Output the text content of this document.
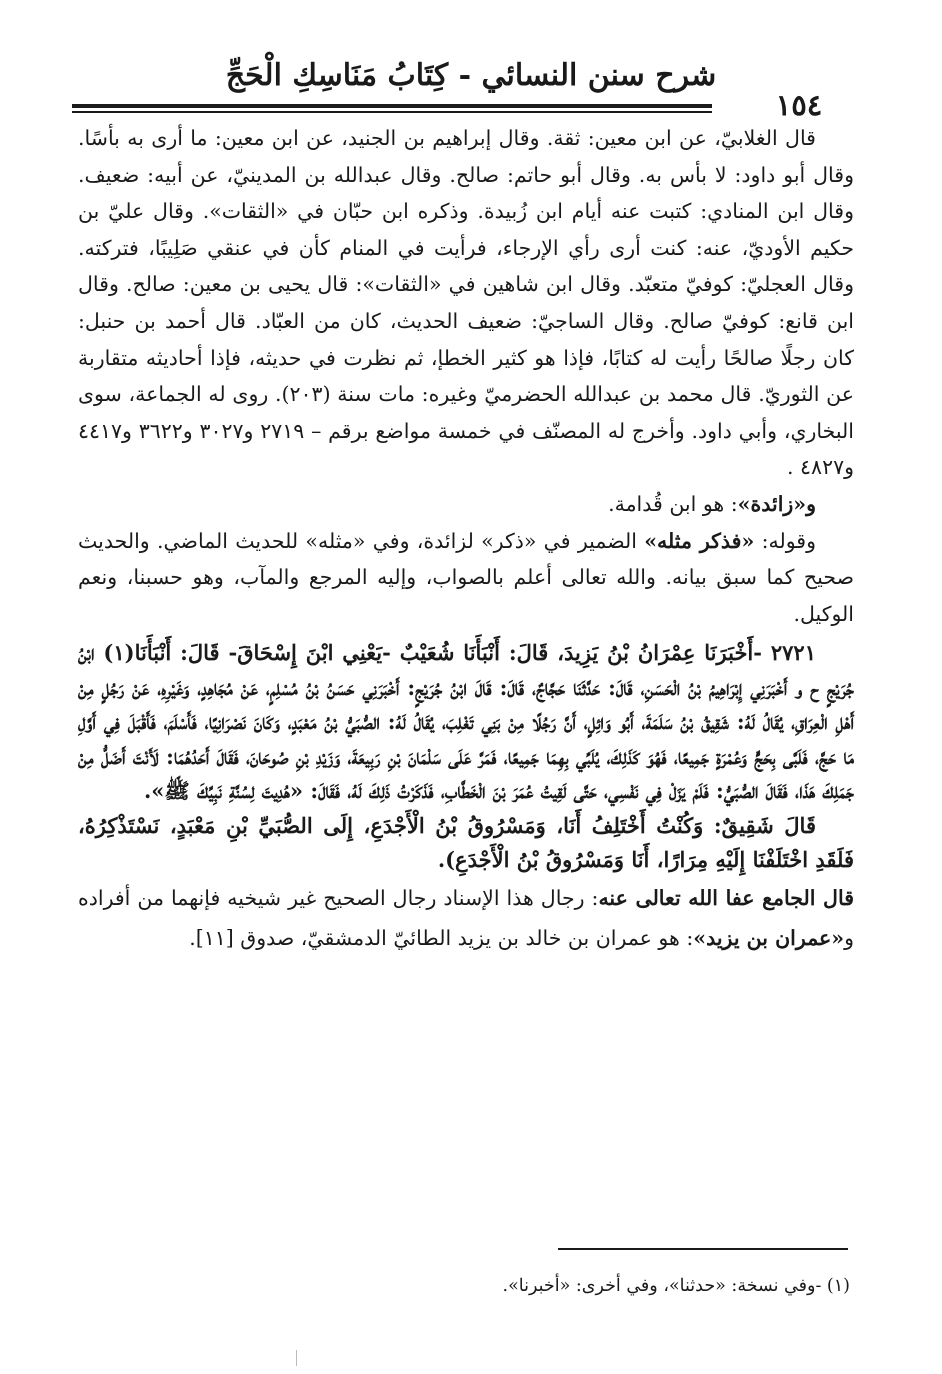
شرح سنن النسائي - كِتَابُ مَنَاسِكِ الْحَجِّ
١٥٤

قال الغلابيّ، عن ابن معين: ثقة. وقال إبراهيم بن الجنيد، عن ابن معين: ما أرى به بأسًا. وقال أبو داود: لا بأس به. وقال أبو حاتم: صالح. وقال عبدالله بن المدينيّ، عن أبيه: ضعيف. وقال ابن المنادي: كتبت عنه أيام ابن زُبيدة. وذكره ابن حبّان في «الثقات». وقال عليّ بن حكيم الأوديّ، عنه: كنت أرى رأي الإرجاء، فرأيت في المنام كأن في عنقي صَلِيبًا، فتركته. وقال العجليّ: كوفيّ متعبّد. وقال ابن شاهين في «الثقات»: قال يحيى بن معين: صالح. وقال ابن قانع: كوفيّ صالح. وقال الساجيّ: ضعيف الحديث، كان من العبّاد. قال أحمد بن حنبل: كان رجلًا صالحًا رأيت له كتابًا، فإذا هو كثير الخطإ، ثم نظرت في حديثه، فإذا أحاديثه متقاربة عن الثوريّ. قال محمد بن عبدالله الحضرميّ وغيره: مات سنة (٢٠٣). روى له الجماعة، سوى البخاري، وأبي داود. وأخرج له المصنّف في خمسة مواضع برقم – ٢٧١٩ و٣٠٢٧ و٣٦٢٢ و٤٤١٧ و٤٨٢٧ .

و«زائدة»: هو ابن قُدامة.

وقوله: «فذكر مثله» الضمير في «ذكر» لزائدة، وفي «مثله» للحديث الماضي. والحديث صحيح كما سبق بيانه. والله تعالى أعلم بالصواب، وإليه المرجع والمآب، وهو حسبنا، ونعم الوكيل.

٢٧٢١ -أَخْبَرَنَا عِمْرَانُ بْنُ يَزِيدَ، قَالَ: أَنْبَأَنَا شُعَيْبٌ -يَعْنِي ابْنَ إِسْحَاقَ- قَالَ: أَنْبَأَنَا(١) ابْنُ جُرَيْجٍ ح و أَخْبَرَنِي إِبْرَاهِيمُ بْنُ الْحَسَنِ، قَالَ: حَدَّثَنَا حَجَّاجٌ، قَالَ: قَالَ ابْنُ جُرَيْجٍ: أَخْبَرَنِي حَسَنُ بْنُ مُسْلِمٍ، عَنْ مُجَاهِدٍ، وَغَيْرِهِ، عَنْ رَجُلٍ مِنْ أَهْلِ الْعِرَاقِ، يُقَالُ لَهُ: شَقِيقُ بْنُ سَلَمَةَ، أَبُو وَائِلٍ، أَنَّ رَجُلًا مِنْ بَنِي تَغْلِبَ، يُقَالُ لَهُ: الصُّبَيُّ بْنُ مَعْبَدٍ، وَكَانَ نَصْرَانِيًا، فَأَسْلَمَ، فَأَقْبَلَ فِي أَوَّلِ مَا حَجَّ، فَلَبَّى بِحَجٍّ وَعُمْرَةٍ جَمِيعًا، فَهُوَ كَذَلِكَ، يُلَبِّي بِهِمَا جَمِيعًا، فَمَرَّ عَلَى سَلْمَانَ بْنِ رَبِيعَةَ، وَزَيْدِ بْنِ صُوحَانَ، فَقَالَ أَحَدُهُمَا: لَأَنْتَ أَضَلُّ مِنْ جَمَلِكَ هَذَا، فَقَالَ الصُّبَيُّ: فَلَمْ يَزَلْ فِي نَفْسِي، حَتَّى لَقِيتُ عُمَرَ بْنَ الْخَطَّابِ، فَذَكَرْتُ ذَلِكَ لَهُ، فَقَالَ: «هُدِيتَ لِسُنَّةِ نَبِيِّكَ ﷺ».

قَالَ شَقِيقٌ: وَكُنْتُ أَخْتَلِفُ أَنَا، وَمَسْرُوقُ بْنُ الْأَجْدَعِ، إِلَى الصُّبَيِّ بْنِ مَعْبَدٍ، نَسْتَذْكِرُهُ، فَلَقَدِ اخْتَلَفْنَا إِلَيْهِ مِرَارًا، أَنَا وَمَسْرُوقُ بْنُ الْأَجْدَعِ).

قال الجامع عفا الله تعالى عنه: رجال هذا الإسناد رجال الصحيح غير شيخيه فإنهما من أفراده و«عمران بن يزيد»: هو عمران بن خالد بن يزيد الطائيّ الدمشقيّ، صدوق [١١].

(١) -وفي نسخة: «حدثنا»، وفي أخرى: «أخبرنا».
